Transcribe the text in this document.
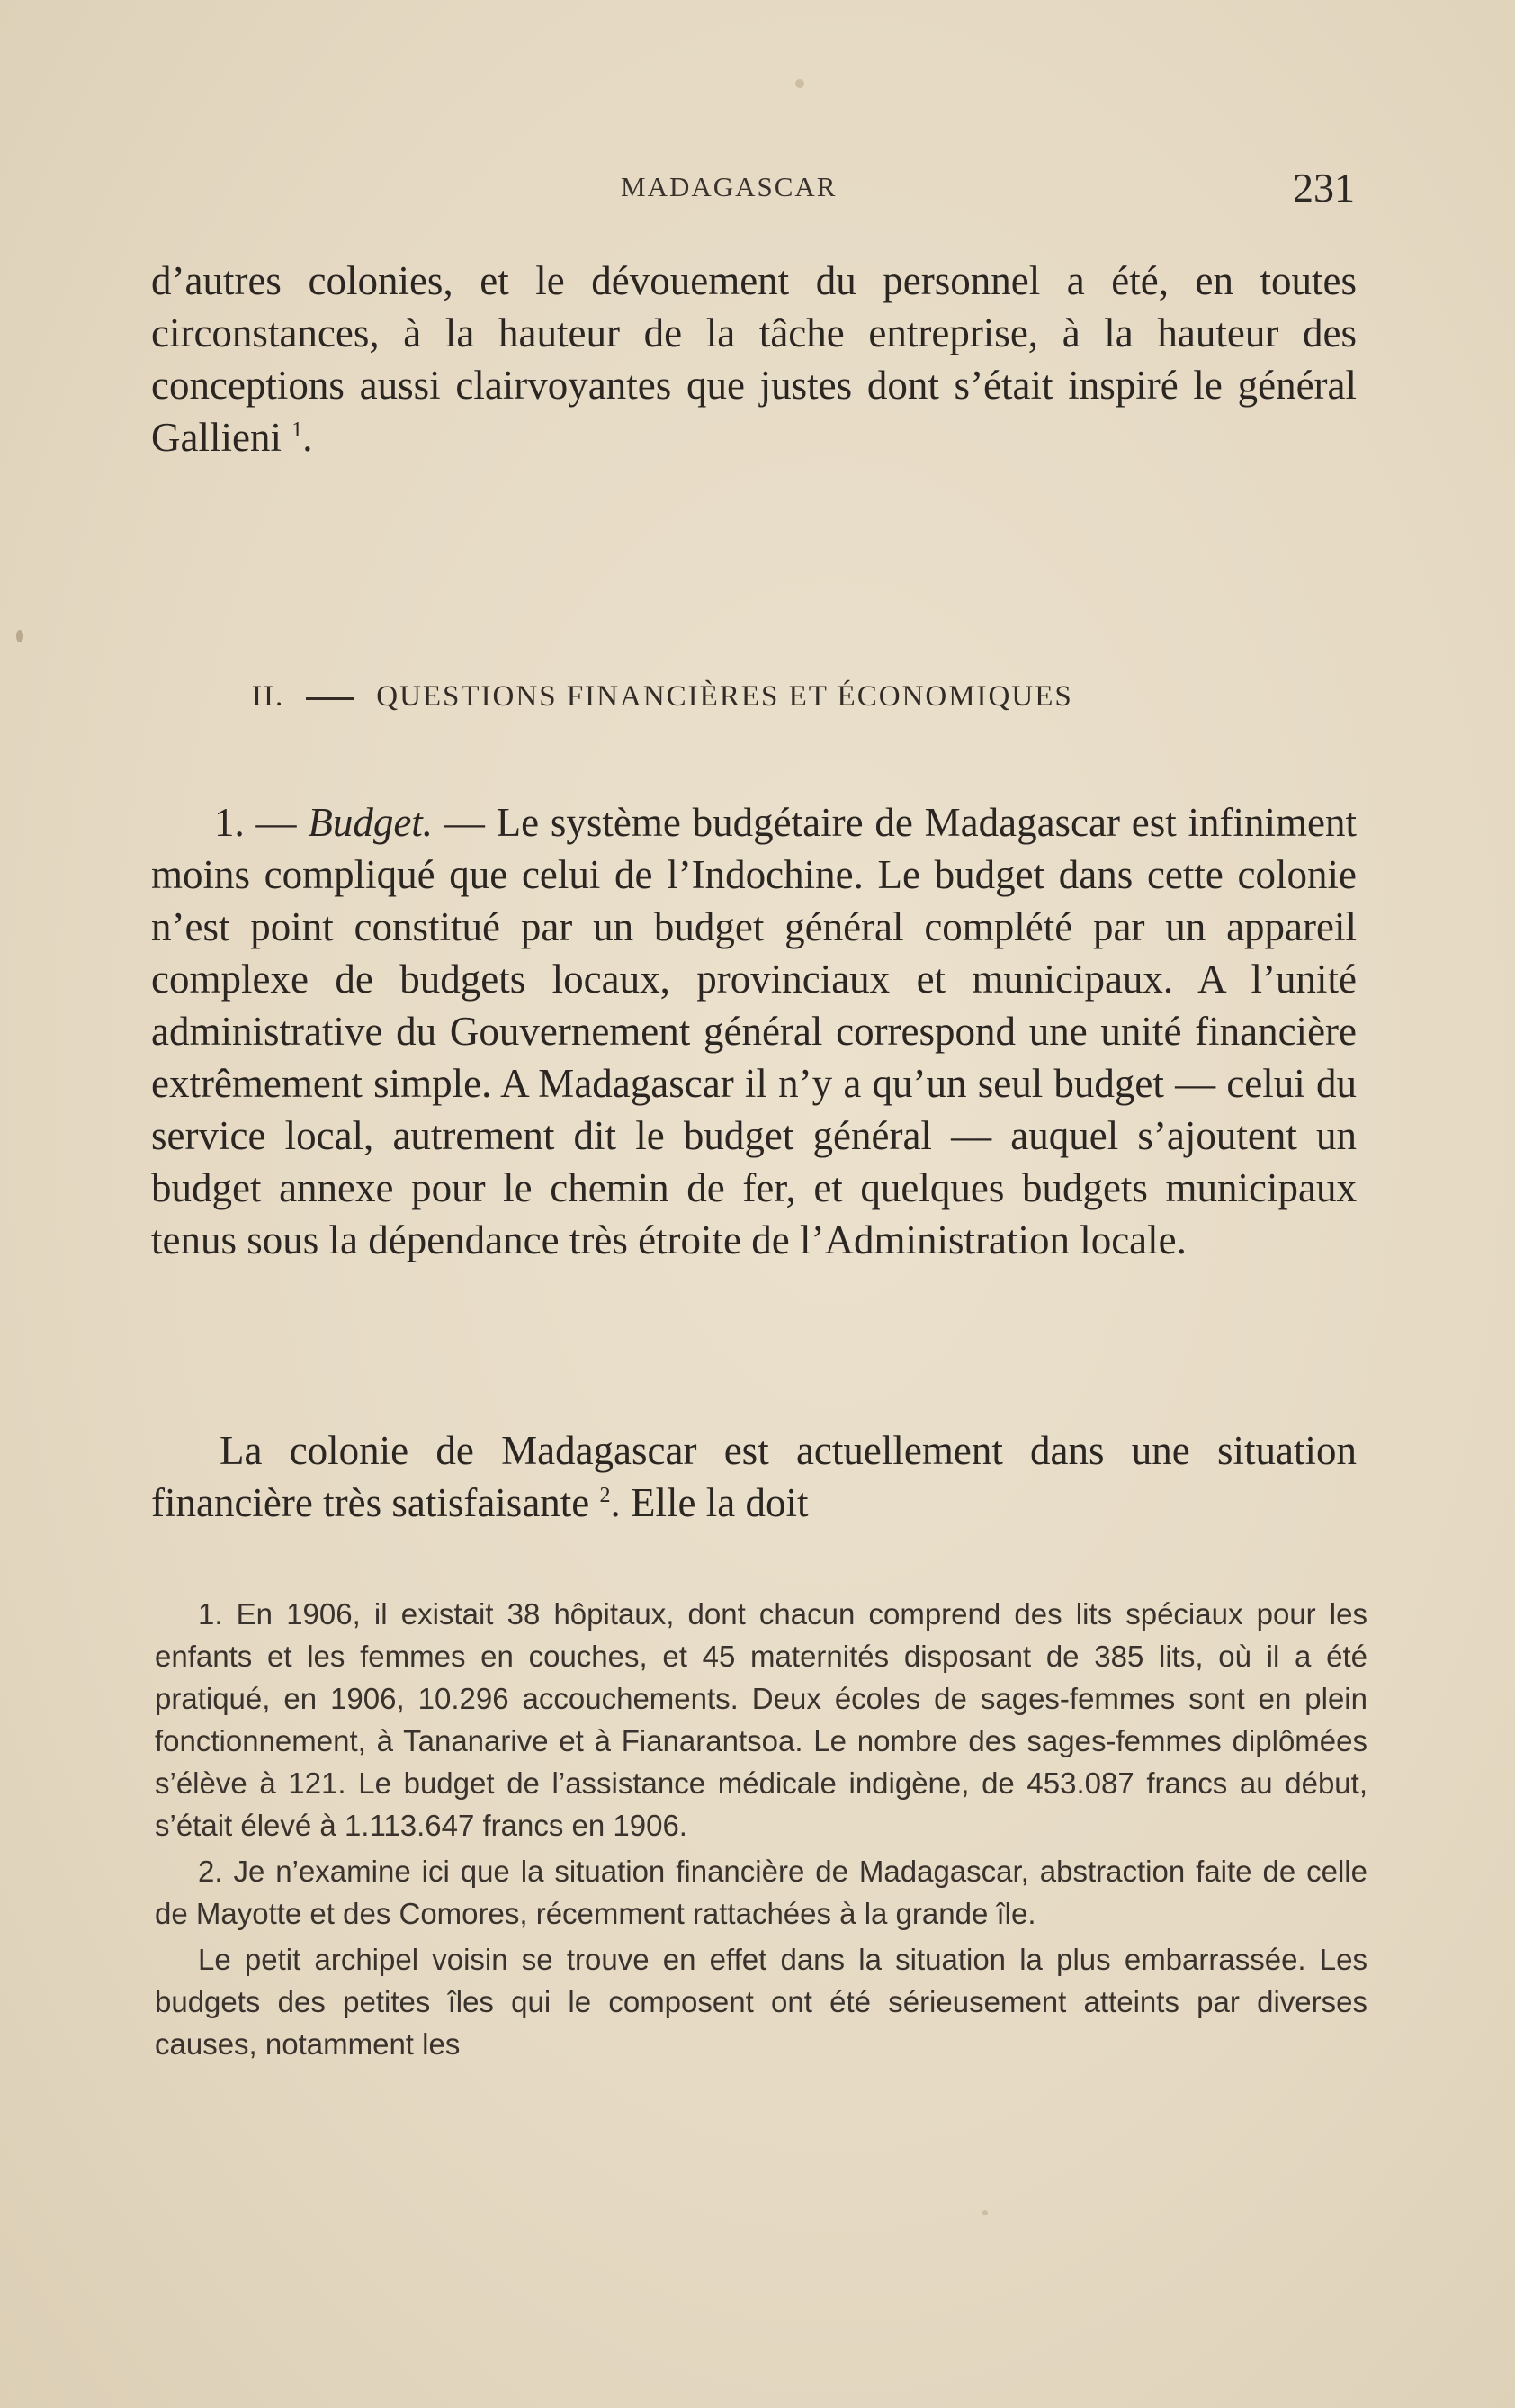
MADAGASCAR	231

d’autres colonies, et le dévouement du personnel a été, en toutes circonstances, à la hauteur de la tâche entreprise, à la hauteur des conceptions aussi clairvoyantes que justes dont s’était inspiré le général Gallieni $^1$.

II.	QUESTIONS FINANCIÈRES ET ÉCONOMIQUES

1. — Budget. — Le système budgétaire de Madagascar est infiniment moins compliqué que celui de l’Indochine. Le budget dans cette colonie n’est point constitué par un budget général complété par un appareil complexe de budgets locaux, provinciaux et municipaux. A l’unité administrative du Gouvernement général correspond une unité financière extrêmement simple. A Madagascar il n’y a qu’un seul budget — celui du service local, autrement dit le budget général — auquel s’ajoutent un budget annexe pour le chemin de fer, et quelques budgets municipaux tenus sous la dépendance très étroite de l’Administration locale.

La colonie de Madagascar est actuellement dans une situation financière très satisfaisante $^2$. Elle la doit

1. En 1906, il existait 38 hôpitaux, dont chacun comprend des lits spéciaux pour les enfants et les femmes en couches, et 45 maternités disposant de 385 lits, où il a été pratiqué, en 1906, 10.296 accouchements. Deux écoles de sages-femmes sont en plein fonctionnement, à Tananarive et à Fianarantsoa. Le nombre des sages-femmes diplômées s’élève à 121. Le budget de l’assistance médicale indigène, de 453.087 francs au début, s’était élevé à 1.113.647 francs en 1906.

2. Je n’examine ici que la situation financière de Madagascar, abstraction faite de celle de Mayotte et des Comores, récemment rattachées à la grande île.

Le petit archipel voisin se trouve en effet dans la situation la plus embarrassée. Les budgets des petites îles qui le composent ont été sérieusement atteints par diverses causes, notamment les
